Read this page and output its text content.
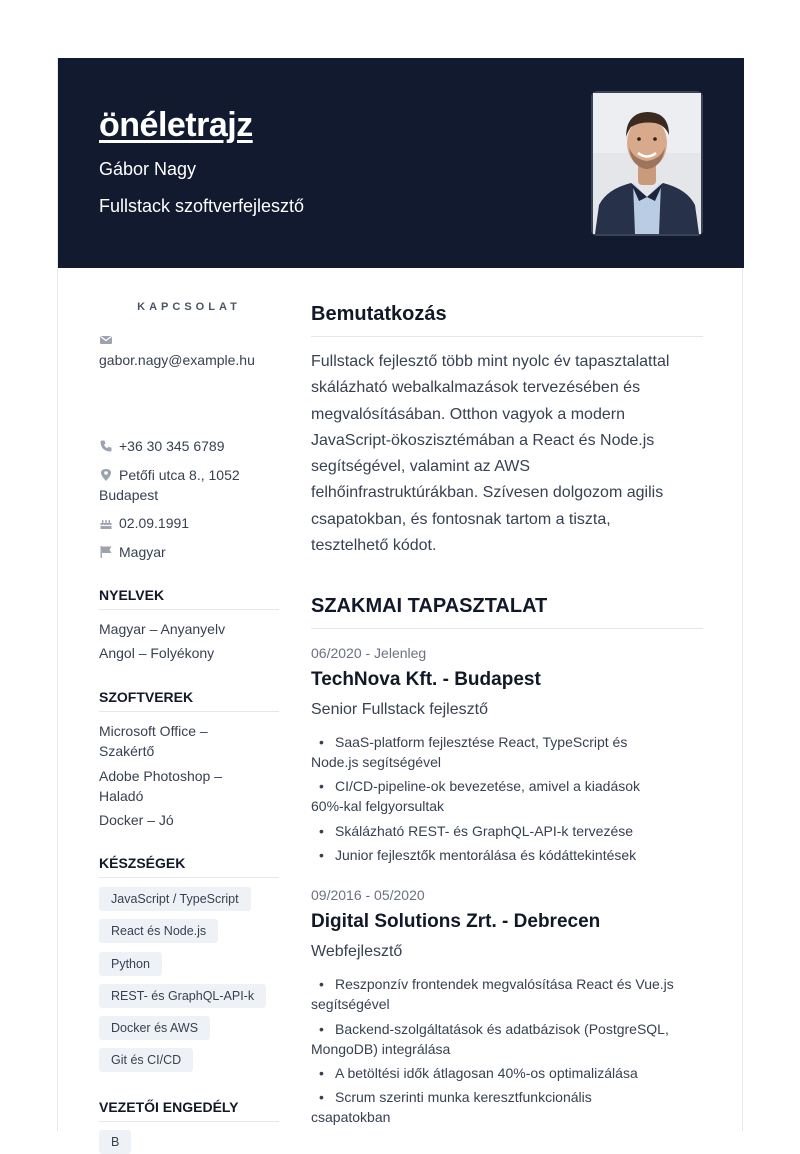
önéletrajz
Gábor Nagy
Fullstack szoftverfejlesztő
KAPCSOLAT

gabor.nagy@example.hu
+36 30 345 6789
Petőfi utca 8., 1052
Budapest
02.09.1991
Magyar
NYELVEK
Magyar – Anyanyelv
Angol – Folyékony
SZOFTVEREK
Microsoft Office –
Szakértő
Adobe Photoshop –
Haladó
Docker – Jó
KÉSZSÉGEK
JavaScript / TypeScript
React és Node.js
Python
REST- és GraphQL-API-k
Docker és AWS
Git és CI/CD
VEZETŐI ENGEDÉLY
B
Bemutatkozás
Fullstack fejlesztő több mint nyolc év tapasztalattal
skálázható webalkalmazások tervezésében és
megvalósításában. Otthon vagyok a modern
JavaScript-ökoszisztémában a React és Node.js
segítségével, valamint az AWS
felhőinfrastruktúrákban. Szívesen dolgozom agilis
csapatokban, és fontosnak tartom a tiszta,
tesztelhető kódot.
SZAKMAI TAPASZTALAT
06/2020 - Jelenleg
TechNova Kft. - Budapest
Senior Fullstack fejlesztő
• SaaS-platform fejlesztése React, TypeScript és
Node.js segítségével
• CI/CD-pipeline-ok bevezetése, amivel a kiadások
60%-kal felgyorsultak
• Skálázható REST- és GraphQL-API-k tervezése
• Junior fejlesztők mentorálása és kódáttekintések
09/2016 - 05/2020
Digital Solutions Zrt. - Debrecen
Webfejlesztő
• Reszponzív frontendek megvalósítása React és Vue.js
segítségével
• Backend-szolgáltatások és adatbázisok (PostgreSQL,
MongoDB) integrálása
• A betöltési idők átlagosan 40%-os optimalizálása
• Scrum szerinti munka keresztfunkcionális
csapatokban
